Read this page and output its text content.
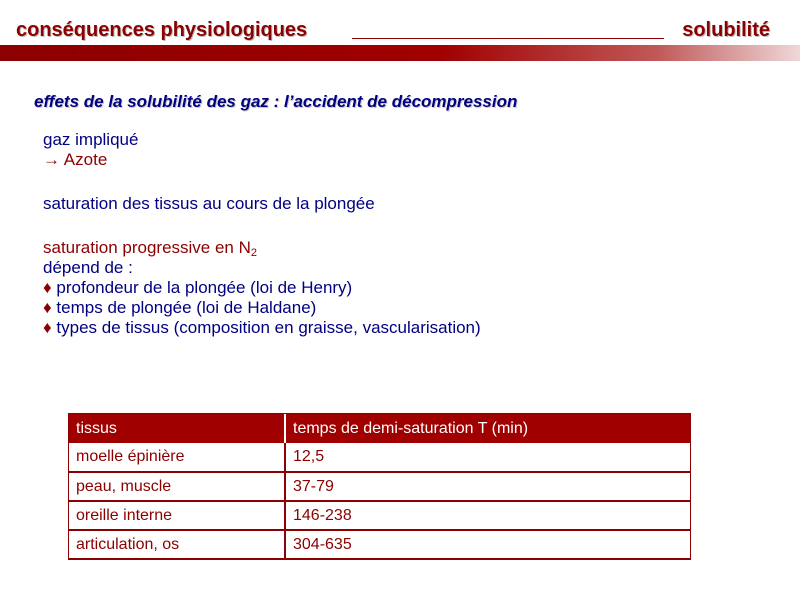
conséquences physiologiques	solubilité
effets de la solubilité des gaz : l’accident de décompression
gaz impliqué
→ Azote
saturation des tissus au cours de la plongée
saturation progressive en $N_2$
dépend de :
♦ profondeur de la plongée (loi de Henry)
♦ temps de plongée (loi de Haldane)
♦ types de tissus (composition en graisse, vascularisation)
tissus	temps de demi-saturation T (min)
moelle épinière	12,5
peau, muscle	37-79
oreille interne	146-238
articulation, os	304-635
